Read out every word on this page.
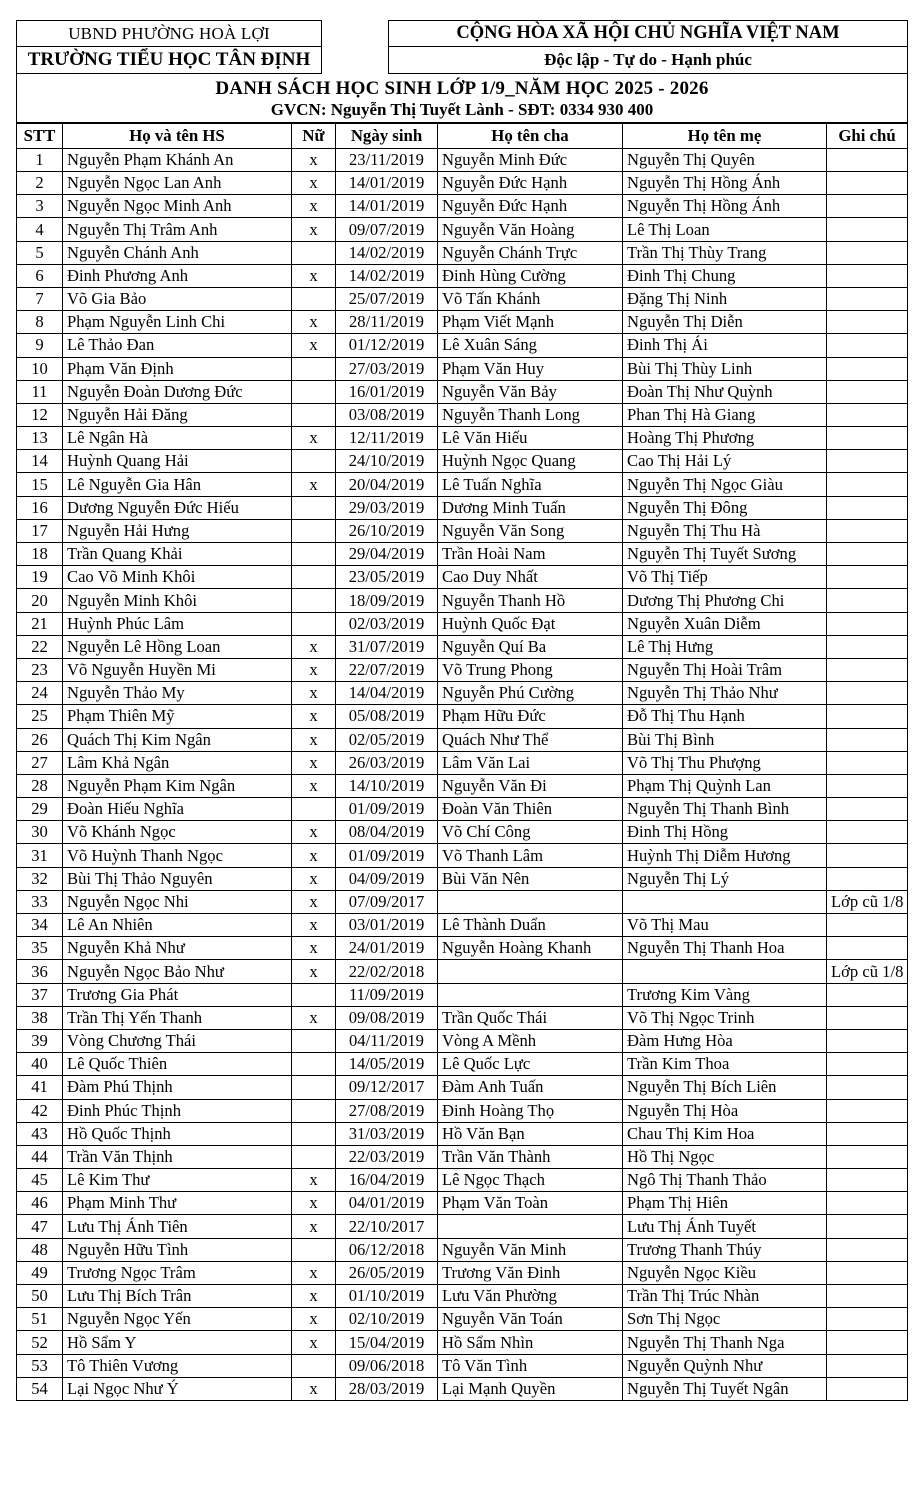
UBND PHƯỜNG HOÀ LỢI		CỘNG HÒA XÃ HỘI CHỦ NGHĨA VIỆT NAM

TRƯỜNG TIỂU HỌC TÂN ĐỊNH		Độc lập - Tự do - Hạnh phúc
DANH SÁCH HỌC SINH LỚP 1/9_NĂM HỌC 2025 - 2026
GVCN: Nguyễn Thị Tuyết Lành - SĐT: 0334 930 400
STT	Họ và tên HS	Nữ	Ngày sinh	Họ tên cha	Họ tên mẹ	Ghi chú
1	Nguyễn Phạm Khánh An	x	23/11/2019	Nguyễn Minh Đức	Nguyễn Thị Quyên	
2	Nguyễn Ngọc Lan Anh	x	14/01/2019	Nguyễn Đức Hạnh	Nguyễn Thị Hồng Ánh	
3	Nguyễn Ngọc Minh Anh	x	14/01/2019	Nguyễn Đức Hạnh	Nguyễn Thị Hồng Ánh	
4	Nguyễn Thị Trâm Anh	x	09/07/2019	Nguyễn Văn Hoàng	Lê Thị Loan	
5	Nguyễn Chánh Anh		14/02/2019	Nguyễn Chánh Trực	Trần Thị Thùy Trang	
6	Đinh Phương Anh	x	14/02/2019	Đinh Hùng Cường	Đinh Thị Chung	
7	Võ Gia Bảo		25/07/2019	Võ Tấn Khánh	Đặng Thị Ninh	
8	Phạm Nguyễn Linh Chi	x	28/11/2019	Phạm Viết Mạnh	Nguyễn Thị Diễn	
9	Lê Thảo Đan	x	01/12/2019	Lê Xuân Sáng	Đinh Thị Ái	
10	Phạm Văn Định		27/03/2019	Phạm Văn Huy	Bùi Thị Thùy Linh	
11	Nguyễn Đoàn Dương Đức		16/01/2019	Nguyễn Văn Bảy	Đoàn Thị Như Quỳnh	
12	Nguyễn Hải Đăng		03/08/2019	Nguyễn Thanh Long	Phan Thị Hà Giang	
13	Lê Ngân Hà	x	12/11/2019	Lê Văn Hiếu	Hoàng Thị Phương	
14	Huỳnh Quang Hải		24/10/2019	Huỳnh Ngọc Quang	Cao Thị Hải Lý	
15	Lê Nguyễn Gia Hân	x	20/04/2019	Lê Tuấn Nghĩa	Nguyễn Thị Ngọc Giàu	
16	Dương Nguyễn Đức Hiếu		29/03/2019	Dương Minh Tuấn	Nguyễn Thị Đông	
17	Nguyễn Hải Hưng		26/10/2019	Nguyễn Văn Song	Nguyễn Thị Thu Hà	
18	Trần Quang Khải		29/04/2019	Trần Hoài Nam	Nguyễn Thị Tuyết Sương	
19	Cao Võ Minh Khôi		23/05/2019	Cao Duy Nhất	Võ Thị Tiếp	
20	Nguyễn Minh Khôi		18/09/2019	Nguyễn Thanh Hồ	Dương Thị Phương Chi	
21	Huỳnh Phúc Lâm		02/03/2019	Huỳnh Quốc Đạt	Nguyễn Xuân Diễm	
22	Nguyễn Lê Hồng Loan	x	31/07/2019	Nguyễn Quí Ba	Lê Thị Hưng	
23	Võ Nguyễn Huyền Mi	x	22/07/2019	Võ Trung Phong	Nguyễn Thị Hoài Trâm	
24	Nguyễn Thảo My	x	14/04/2019	Nguyễn Phú Cường	Nguyễn Thị Thảo Như	
25	Phạm Thiên Mỹ	x	05/08/2019	Phạm Hữu Đức	Đỗ Thị Thu Hạnh	
26	Quách Thị Kim Ngân	x	02/05/2019	Quách Như Thể	Bùi Thị Bình	
27	Lâm Khả Ngân	x	26/03/2019	Lâm Văn Lai	Võ Thị Thu Phượng	
28	Nguyễn Phạm Kim Ngân	x	14/10/2019	Nguyễn Văn Đi	Phạm Thị Quỳnh Lan	
29	Đoàn Hiếu Nghĩa		01/09/2019	Đoàn Văn Thiên	Nguyễn Thị Thanh Bình	
30	Võ Khánh Ngọc	x	08/04/2019	Võ Chí Công	Đinh Thị Hồng	
31	Võ Huỳnh Thanh Ngọc	x	01/09/2019	Võ Thanh Lâm	Huỳnh Thị Diễm Hương	
32	Bùi Thị Thảo Nguyên	x	04/09/2019	Bùi Văn Nên	Nguyễn Thị Lý	
33	Nguyễn Ngọc Nhi	x	07/09/2017			Lớp cũ 1/8
34	Lê An Nhiên	x	03/01/2019	Lê Thành Duẩn	Võ Thị Mau	
35	Nguyễn Khả Như	x	24/01/2019	Nguyễn Hoàng Khanh	Nguyễn Thị Thanh Hoa	
36	Nguyễn Ngọc Bảo Như	x	22/02/2018			Lớp cũ 1/8
37	Trương Gia Phát		11/09/2019		Trương Kim Vàng	
38	Trần Thị Yến Thanh	x	09/08/2019	Trần Quốc Thái	Võ Thị Ngọc Trinh	
39	Vòng Chương Thái		04/11/2019	Vòng A Mềnh	Đàm Hưng Hòa	
40	Lê Quốc Thiên		14/05/2019	Lê Quốc Lực	Trần Kim Thoa	
41	Đàm Phú Thịnh		09/12/2017	Đàm Anh Tuấn	Nguyễn Thị Bích Liên	
42	Đinh Phúc Thịnh		27/08/2019	Đinh Hoàng Thọ	Nguyễn Thị Hòa	
43	Hồ Quốc Thịnh		31/03/2019	Hồ Văn Bạn	Chau Thị Kim Hoa	
44	Trần Văn Thịnh		22/03/2019	Trần Văn Thành	Hồ Thị Ngọc	
45	Lê Kim Thư	x	16/04/2019	Lê Ngọc Thạch	Ngô Thị Thanh Thảo	
46	Phạm Minh Thư	x	04/01/2019	Phạm Văn Toàn	Phạm Thị Hiên	
47	Lưu Thị Ánh Tiên	x	22/10/2017		Lưu Thị Ánh Tuyết	
48	Nguyễn Hữu Tình		06/12/2018	Nguyễn Văn Minh	Trương Thanh Thúy	
49	Trương Ngọc Trâm	x	26/05/2019	Trương Văn Đinh	Nguyễn Ngọc Kiều	
50	Lưu Thị Bích Trân	x	01/10/2019	Lưu Văn Phường	Trần Thị Trúc Nhàn	
51	Nguyễn Ngọc Yến	x	02/10/2019	Nguyễn Văn Toán	Sơn Thị Ngọc	
52	Hồ Sẩm Y	x	15/04/2019	Hồ Sẩm Nhìn	Nguyễn Thị Thanh Nga	
53	Tô Thiên Vương		09/06/2018	Tô Văn Tình	Nguyễn Quỳnh Như	
54	Lại Ngọc Như Ý	x	28/03/2019	Lại Mạnh Quyền	Nguyễn Thị Tuyết Ngân	
